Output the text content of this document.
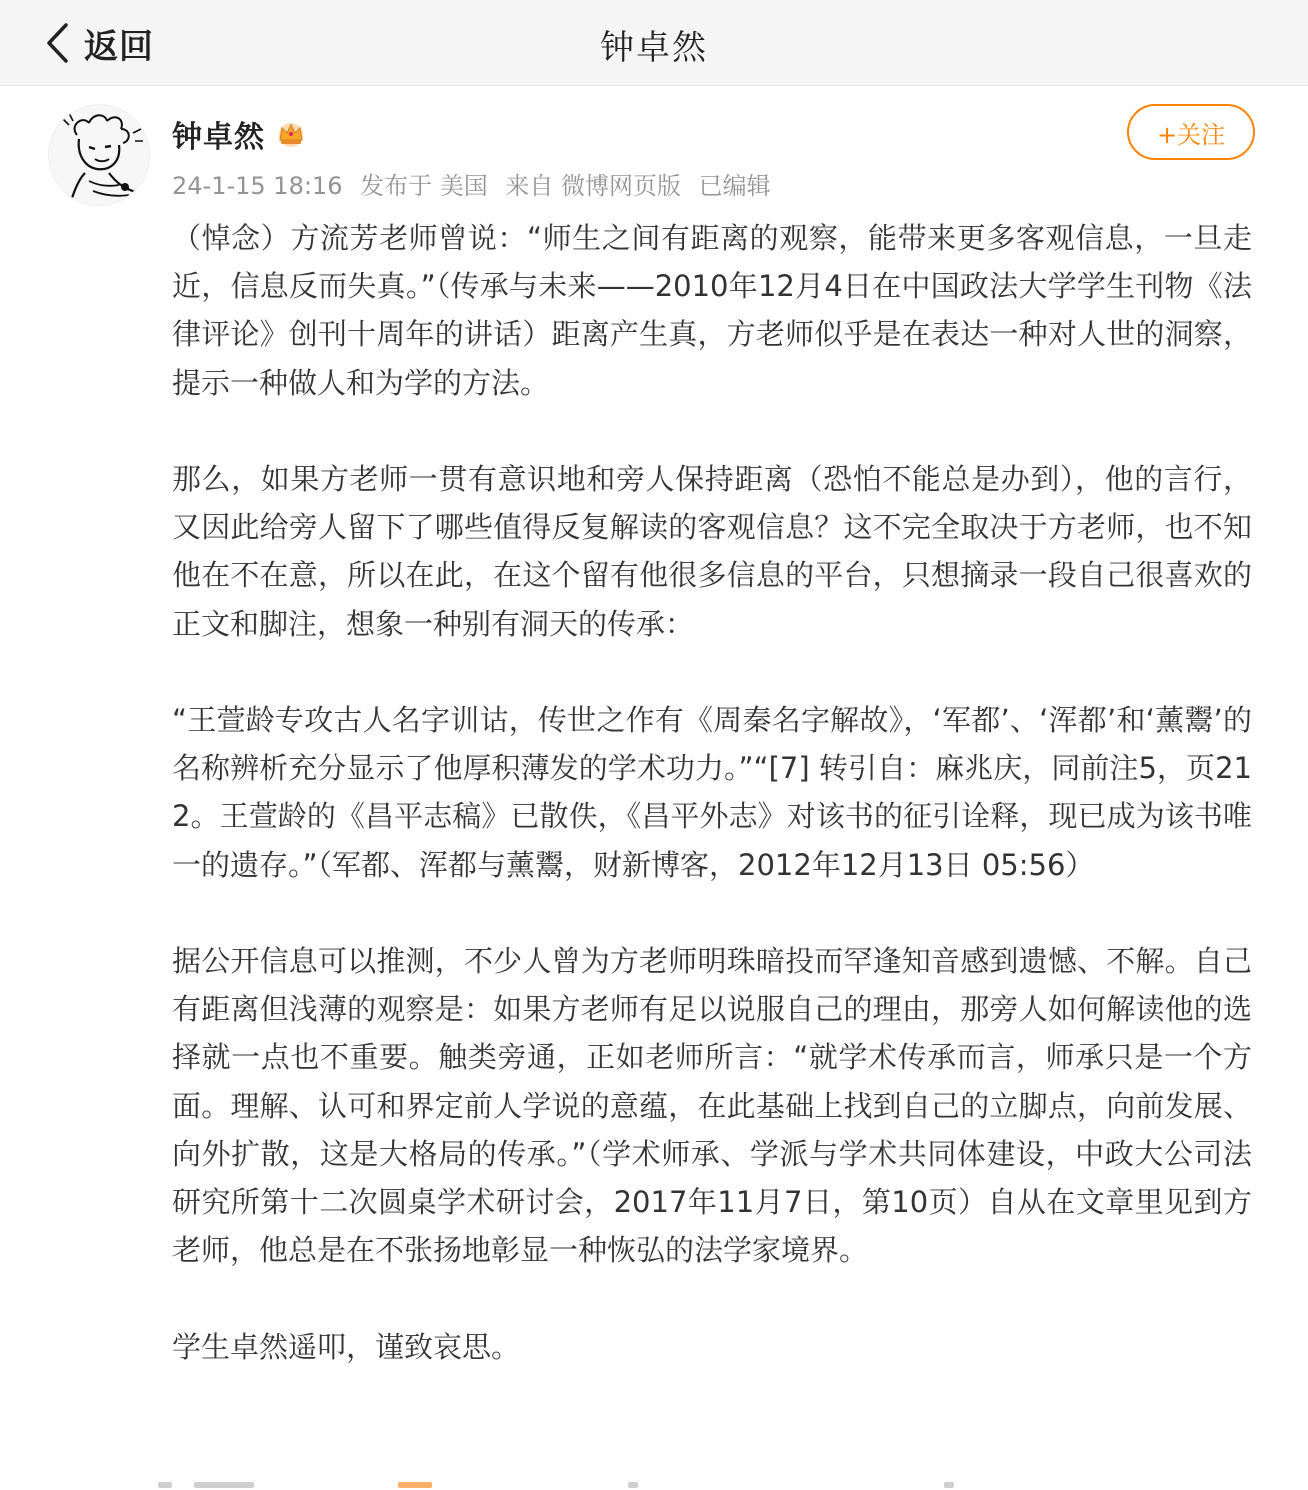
返回	钟卓然
钟卓然
24-1-15 18:16 发布于 美国 来自 微博网页版 已编辑
+关注

（悼念）方流芳老师曾说：“师生之间有距离的观察，能带来更多客观信息，一旦走近，信息反而失真。”（传承与未来——2010年12月4日在中国政法大学学生刊物《法律评论》创刊十周年的讲话）距离产生真，方老师似乎是在表达一种对人世的洞察，提示一种做人和为学的方法。

那么，如果方老师一贯有意识地和旁人保持距离（恐怕不能总是办到），他的言行，又因此给旁人留下了哪些值得反复解读的客观信息？这不完全取决于方老师，也不知他在不在意，所以在此，在这个留有他很多信息的平台，只想摘录一段自己很喜欢的正文和脚注，想象一种别有洞天的传承：

“王萱龄专攻古人名字训诂，传世之作有《周秦名字解故》，‘军都’、‘浑都’和‘薰鬻’的名称辨析充分显示了他厚积薄发的学术功力。”“[7] 转引自：麻兆庆，同前注5，页212。王萱龄的《昌平志稿》已散佚，《昌平外志》对该书的征引诠释，现已成为该书唯一的遗存。”（军都、浑都与薰鬻，财新博客，2012年12月13日 05:56）

据公开信息可以推测，不少人曾为方老师明珠暗投而罕逢知音感到遗憾、不解。自己有距离但浅薄的观察是：如果方老师有足以说服自己的理由，那旁人如何解读他的选择就一点也不重要。触类旁通，正如老师所言：“就学术传承而言，师承只是一个方面。理解、认可和界定前人学说的意蕴，在此基础上找到自己的立脚点，向前发展、向外扩散，这是大格局的传承。”（学术师承、学派与学术共同体建设，中政大公司法研究所第十二次圆桌学术研讨会，2017年11月7日，第10页）自从在文章里见到方老师，他总是在不张扬地彰显一种恢弘的法学家境界。

学生卓然遥叩，谨致哀思。
